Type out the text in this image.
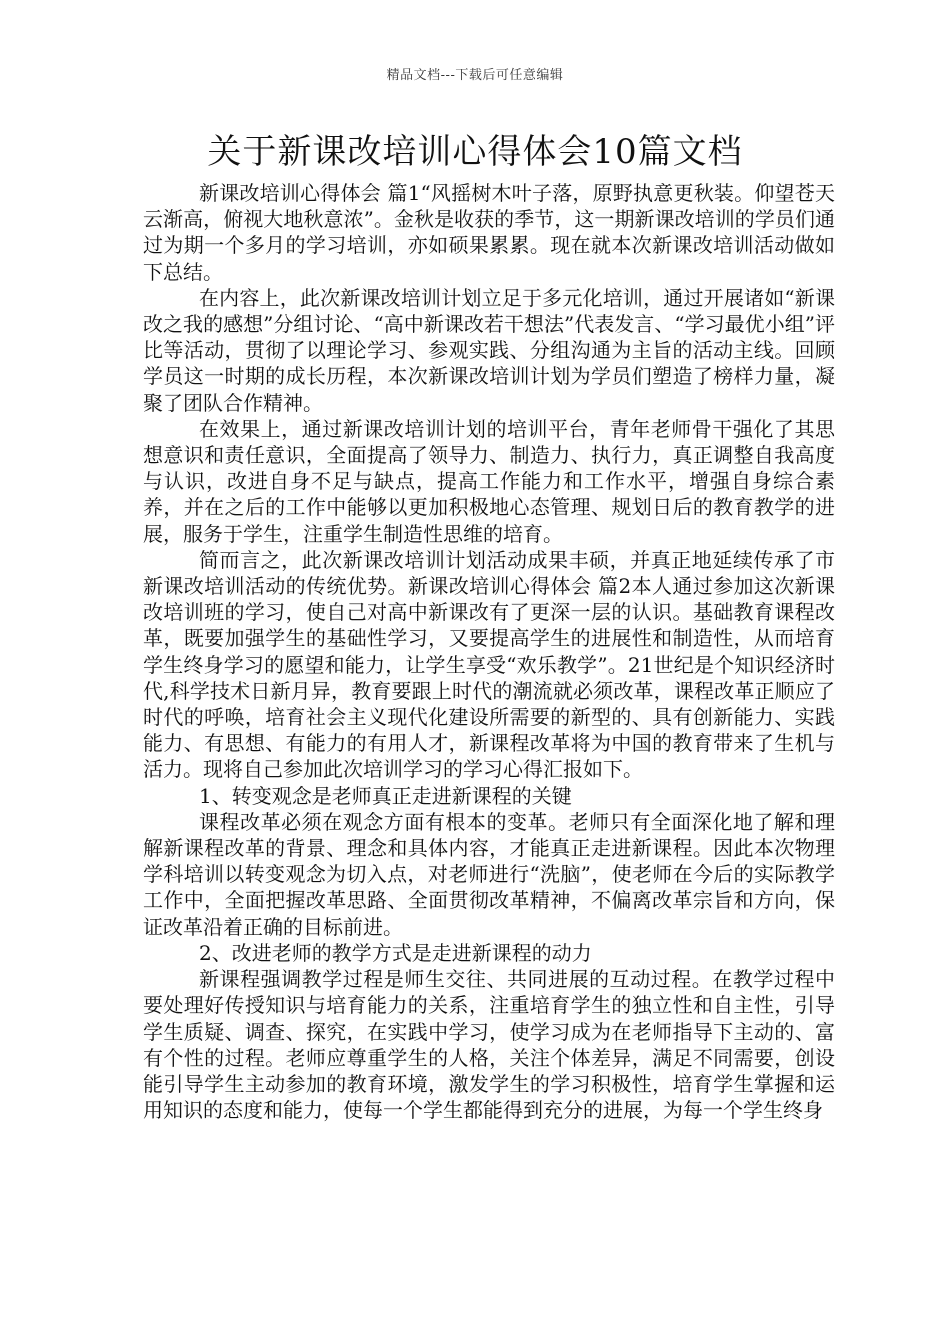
精品文档---下载后可任意编辑
关于新课改培训心得体会10篇文档

新课改培训心得体会 篇1“风摇树木叶子落，原野执意更秋装。仰望苍天云渐高，俯视大地秋意浓”。金秋是收获的季节，这一期新课改培训的学员们通过为期一个多月的学习培训，亦如硕果累累。现在就本次新课改培训活动做如下总结。

在内容上，此次新课改培训计划立足于多元化培训，通过开展诸如“新课改之我的感想”分组讨论、“高中新课改若干想法”代表发言、“学习最优小组”评比等活动，贯彻了以理论学习、参观实践、分组沟通为主旨的活动主线。回顾学员这一时期的成长历程，本次新课改培训计划为学员们塑造了榜样力量，凝聚了团队合作精神。

在效果上，通过新课改培训计划的培训平台，青年老师骨干强化了其思想意识和责任意识，全面提高了领导力、制造力、执行力，真正调整自我高度与认识，改进自身不足与缺点，提高工作能力和工作水平，增强自身综合素养，并在之后的工作中能够以更加积极地心态管理、规划日后的教育教学的进展，服务于学生，注重学生制造性思维的培育。

简而言之，此次新课改培训计划活动成果丰硕，并真正地延续传承了市新课改培训活动的传统优势。新课改培训心得体会 篇2本人通过参加这次新课改培训班的学习，使自己对高中新课改有了更深一层的认识。基础教育课程改革，既要加强学生的基础性学习，又要提高学生的进展性和制造性，从而培育学生终身学习的愿望和能力，让学生享受“欢乐教学”。21世纪是个知识经济时代,科学技术日新月异，教育要跟上时代的潮流就必须改革，课程改革正顺应了时代的呼唤，培育社会主义现代化建设所需要的新型的、具有创新能力、实践能力、有思想、有能力的有用人才，新课程改革将为中国的教育带来了生机与活力。现将自己参加此次培训学习的学习心得汇报如下。

1、转变观念是老师真正走进新课程的关键

课程改革必须在观念方面有根本的变革。老师只有全面深化地了解和理解新课程改革的背景、理念和具体内容，才能真正走进新课程。因此本次物理学科培训以转变观念为切入点，对老师进行“洗脑”，使老师在今后的实际教学工作中，全面把握改革思路、全面贯彻改革精神，不偏离改革宗旨和方向，保证改革沿着正确的目标前进。

2、改进老师的教学方式是走进新课程的动力

新课程强调教学过程是师生交往、共同进展的互动过程。在教学过程中要处理好传授知识与培育能力的关系，注重培育学生的独立性和自主性，引导学生质疑、调查、探究，在实践中学习，使学习成为在老师指导下主动的、富有个性的过程。老师应尊重学生的人格，关注个体差异，满足不同需要，创设能引导学生主动参加的教育环境，激发学生的学习积极性，培育学生掌握和运用知识的态度和能力，使每一个学生都能得到充分的进展，为每一个学生终身
